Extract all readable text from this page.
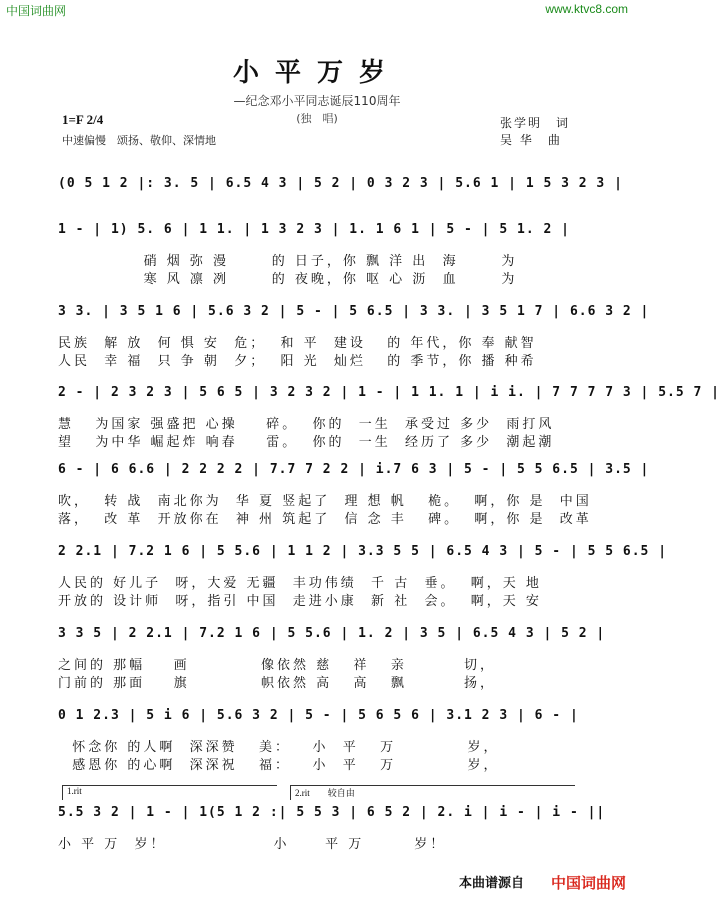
中国词曲网	www.ktvc8.com
小平万岁
—纪念邓小平同志诞辰110周年
(独　唱)
1=F 2/4
中速偏慢　颂扬、敬仰、深情地
张学明　词
吴 华　曲
(0 5 1 2 |: 3. 5 | 6.5 4 3 | 5 2 | 0 3 2 3 | 5.6 1 | 1 5 3 2 3 |
1 - | 1) 5. 6 | 1 1. | 1 3 2 3 | 1. 1 6 1 | 5 - | 5 1. 2 |
硝 烟 弥 漫      的 日子，你 飘 洋 出  海      为
寒 风 凛 冽      的 夜晚，你 呕 心 沥  血      为
3 3. | 3 5 1 6 | 5.6 3 2 | 5 - | 5 6.5 | 3 3. | 3 5 1 7 | 6.6 3 2 |
民族  解 放  何 惧 安  危；  和 平  建设   的 年代，你 奉 献智
人民  幸 福  只 争 朝  夕；  阳 光  灿烂   的 季节，你 播 种希
2 - | 2 3 2 3 | 5 6 5 | 3 2 3 2 | 1 - | 1 1. 1 | i i. | 7 7 7 7 3 | 5.5 7 |
慧   为国家 强盛把 心操    碎。  你的  一生  承受过 多少  雨打风
望   为中华 崛起炸 响春    雷。  你的  一生  经历了 多少  潮起潮
6 - | 6 6.6 | 2 2 2 2 | 7.7 7 2 2 | i.7 6 3 | 5 - | 5 5 6.5 | 3.5 |
吹，  转 战  南北你为  华 夏 竖起了  理 想 帆   桅。  啊，你 是  中国
落，  改 革  开放你在  神 州 筑起了  信 念 丰   碑。  啊，你 是  改革
2 2.1 | 7.2 1 6 | 5 5.6 | 1 1 2 | 3.3 5 5 | 6.5 4 3 | 5 - | 5 5 6.5 |
人民的 好儿子  呀，大爱 无疆  丰功伟绩  千 古  垂。  啊，天 地
开放的 设计师  呀，指引 中国  走进小康  新 社  会。  啊，天 安
3 3 5 | 2 2.1 | 7.2 1 6 | 5 5.6 | 1. 2 | 3 5 | 6.5 4 3 | 5 2 |
之间的 那幅    画          像依然 慈   祥   亲        切，
门前的 那面    旗          帜依然 高   高   飘        扬，
0 1 2.3 | 5 i 6 | 5.6 3 2 | 5 - | 5 6 5 6 | 3.1 2 3 | 6 - |
怀念你 的人啊  深深赞   美：   小  平   万          岁，
感恩你 的心啊  深深祝   福：   小  平   万          岁，
1.rit	2.rit　　较自由
5.5 3 2 | 1 - | 1(5 1 2 :| 5 5 3 | 6 5 2 | 2. i | i - | i - ||
小 平 万  岁！               小     平 万       岁！
本曲谱源自 中国词曲网
